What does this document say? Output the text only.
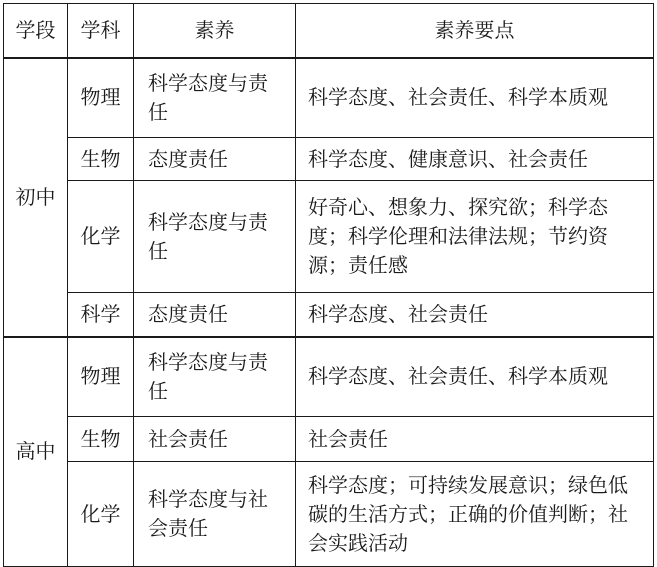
学段	学科	素养	素养要点
初中	物理	科学态度与责任	科学态度、社会责任、科学本质观
	生物	态度责任	科学态度、健康意识、社会责任
	化学	科学态度与责任	好奇心、想象力、探究欲；科学态度；科学伦理和法律法规；节约资源；责任感
	科学	态度责任	科学态度、社会责任
高中	物理	科学态度与责任	科学态度、社会责任、科学本质观
	生物	社会责任	社会责任
	化学	科学态度与社会责任	科学态度；可持续发展意识；绿色低碳的生活方式；正确的价值判断；社会实践活动
